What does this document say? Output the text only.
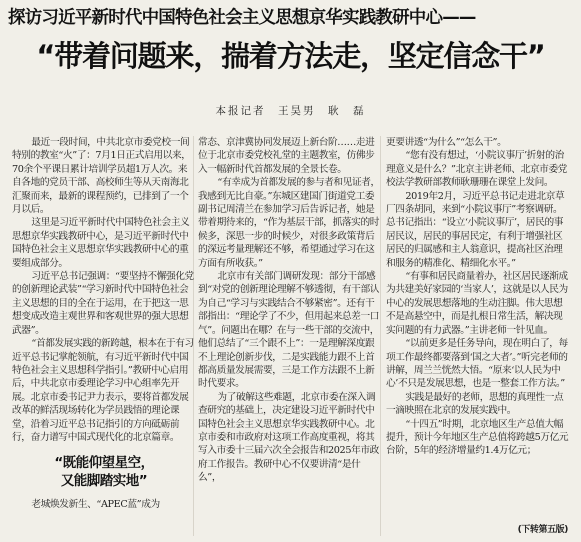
探访习近平新时代中国特色社会主义思想京华实践教研中心——
“带着问题来，揣着方法走，坚定信念干”
本报记者　王昊男　耿　磊

最近一段时间，中共北京市委党校一间特别的教室“火”了：7月1日正式启用以来，70余个平课日累计培训学员超1万人次。来自各地的党员干部、高校师生等从天南海北汇聚而来，最新的课程预约，已排到了一个月以后。

这里是习近平新时代中国特色社会主义思想京华实践教研中心，是习近平新时代中国特色社会主义思想京华实践教研中心的重要组成部分。

习近平总书记强调：“要坚持不懈强化党的创新理论武装”“学习新时代中国特色社会主义思想的目的全在于运用，在于把这一思想变成改造主观世界和客观世界的强大思想武器”。

“首都发展实践的新跨越，根本在于有习近平总书记掌舵领航，有习近平新时代中国特色社会主义思想科学指引。”教研中心启用后，中共北京市委理论学习中心组率先开展。北京市委书记尹力表示，要将首都发展改革的鲜活现场转化为学员践悟的理论课堂，沿着习近平总书记指引的方向砥砺前行，奋力谱写中国式现代化的北京篇章。

“既能仰望星空，
又能脚踏实地”

老城焕发新生、“APEC蓝”成为

常态、京津冀协同发展迈上新台阶……走进位于北京市委党校礼堂的主题教室，仿佛步入一幅新时代首都发展的全景长卷。

“有幸成为首都发展的参与者和见证者，我感到无比自豪。”东城区建国门街道党工委副书记周清兰在参加学习后告诉记者，她是带着期待来的，“作为基层干部，抓落实的时候多，深思一步的时候少，对很多政策背后的深远考量理解还不够，希望通过学习在这方面有所收获。”

北京市有关部门调研发现：部分干部感到“对党的创新理论理解不够透彻，有干部认为自己“学习与实践结合不够紧密”。还有干部指出：“理论学了不少，但用起来总差一口气”。问题出在哪？在与一些干部的交流中，他们总结了“三个跟不上”：一是理解深度跟不上理论创新步伐，二是实践能力跟不上首都高质量发展需要，三是工作方法跟不上新时代要求。

为了破解这些难题，北京市委在深入调查研究的基础上，决定建设习近平新时代中国特色社会主义思想京华实践教研中心。北京市委和市政府对这项工作高度重视，将其写入市委十三届六次全会报告和2025年市政府工作报告。教研中心不仅要讲清“是什么”，

更要讲透“为什么”“怎么干”。

“您有没有想过，‘小院议事厅’折射的治理意义是什么？”北京主讲老师、北京市委党校法学教研部教师耿珊珊在课堂上发问。

2019年2月，习近平总书记走进北京草厂四条胡同，来到“小院议事厅”考察调研。总书记指出：“设立‘小院议事厅’，居民的事居民议，居民的事居民定，有利于增强社区居民的归属感和主人翁意识，提高社区治理和服务的精准化、精细化水平。”

“有事和居民商量着办，社区居民逐渐成为共建美好家园的‘当家人’，这就是以人民为中心的发展思想落地的生动注脚。伟大思想不是高悬空中，而是扎根日常生活，解决现实问题的有力武器。”主讲老师一针见血。

“以前更多是任务导向，现在明白了，每项工作最终都要落到‘国之大者’。”听完老师的讲解，周兰兰恍然大悟。“原来‘以人民为中心’不只是发展思想，也是一整套工作方法。”

实践是最好的老师，思想的真理性一点一滴映照在北京的发展实践中。

“十四五”时期，北京地区生产总值大幅提升，预计今年地区生产总值将跨越5万亿元台阶，5年的经济增量约1.4万亿元；

(下转第五版)
